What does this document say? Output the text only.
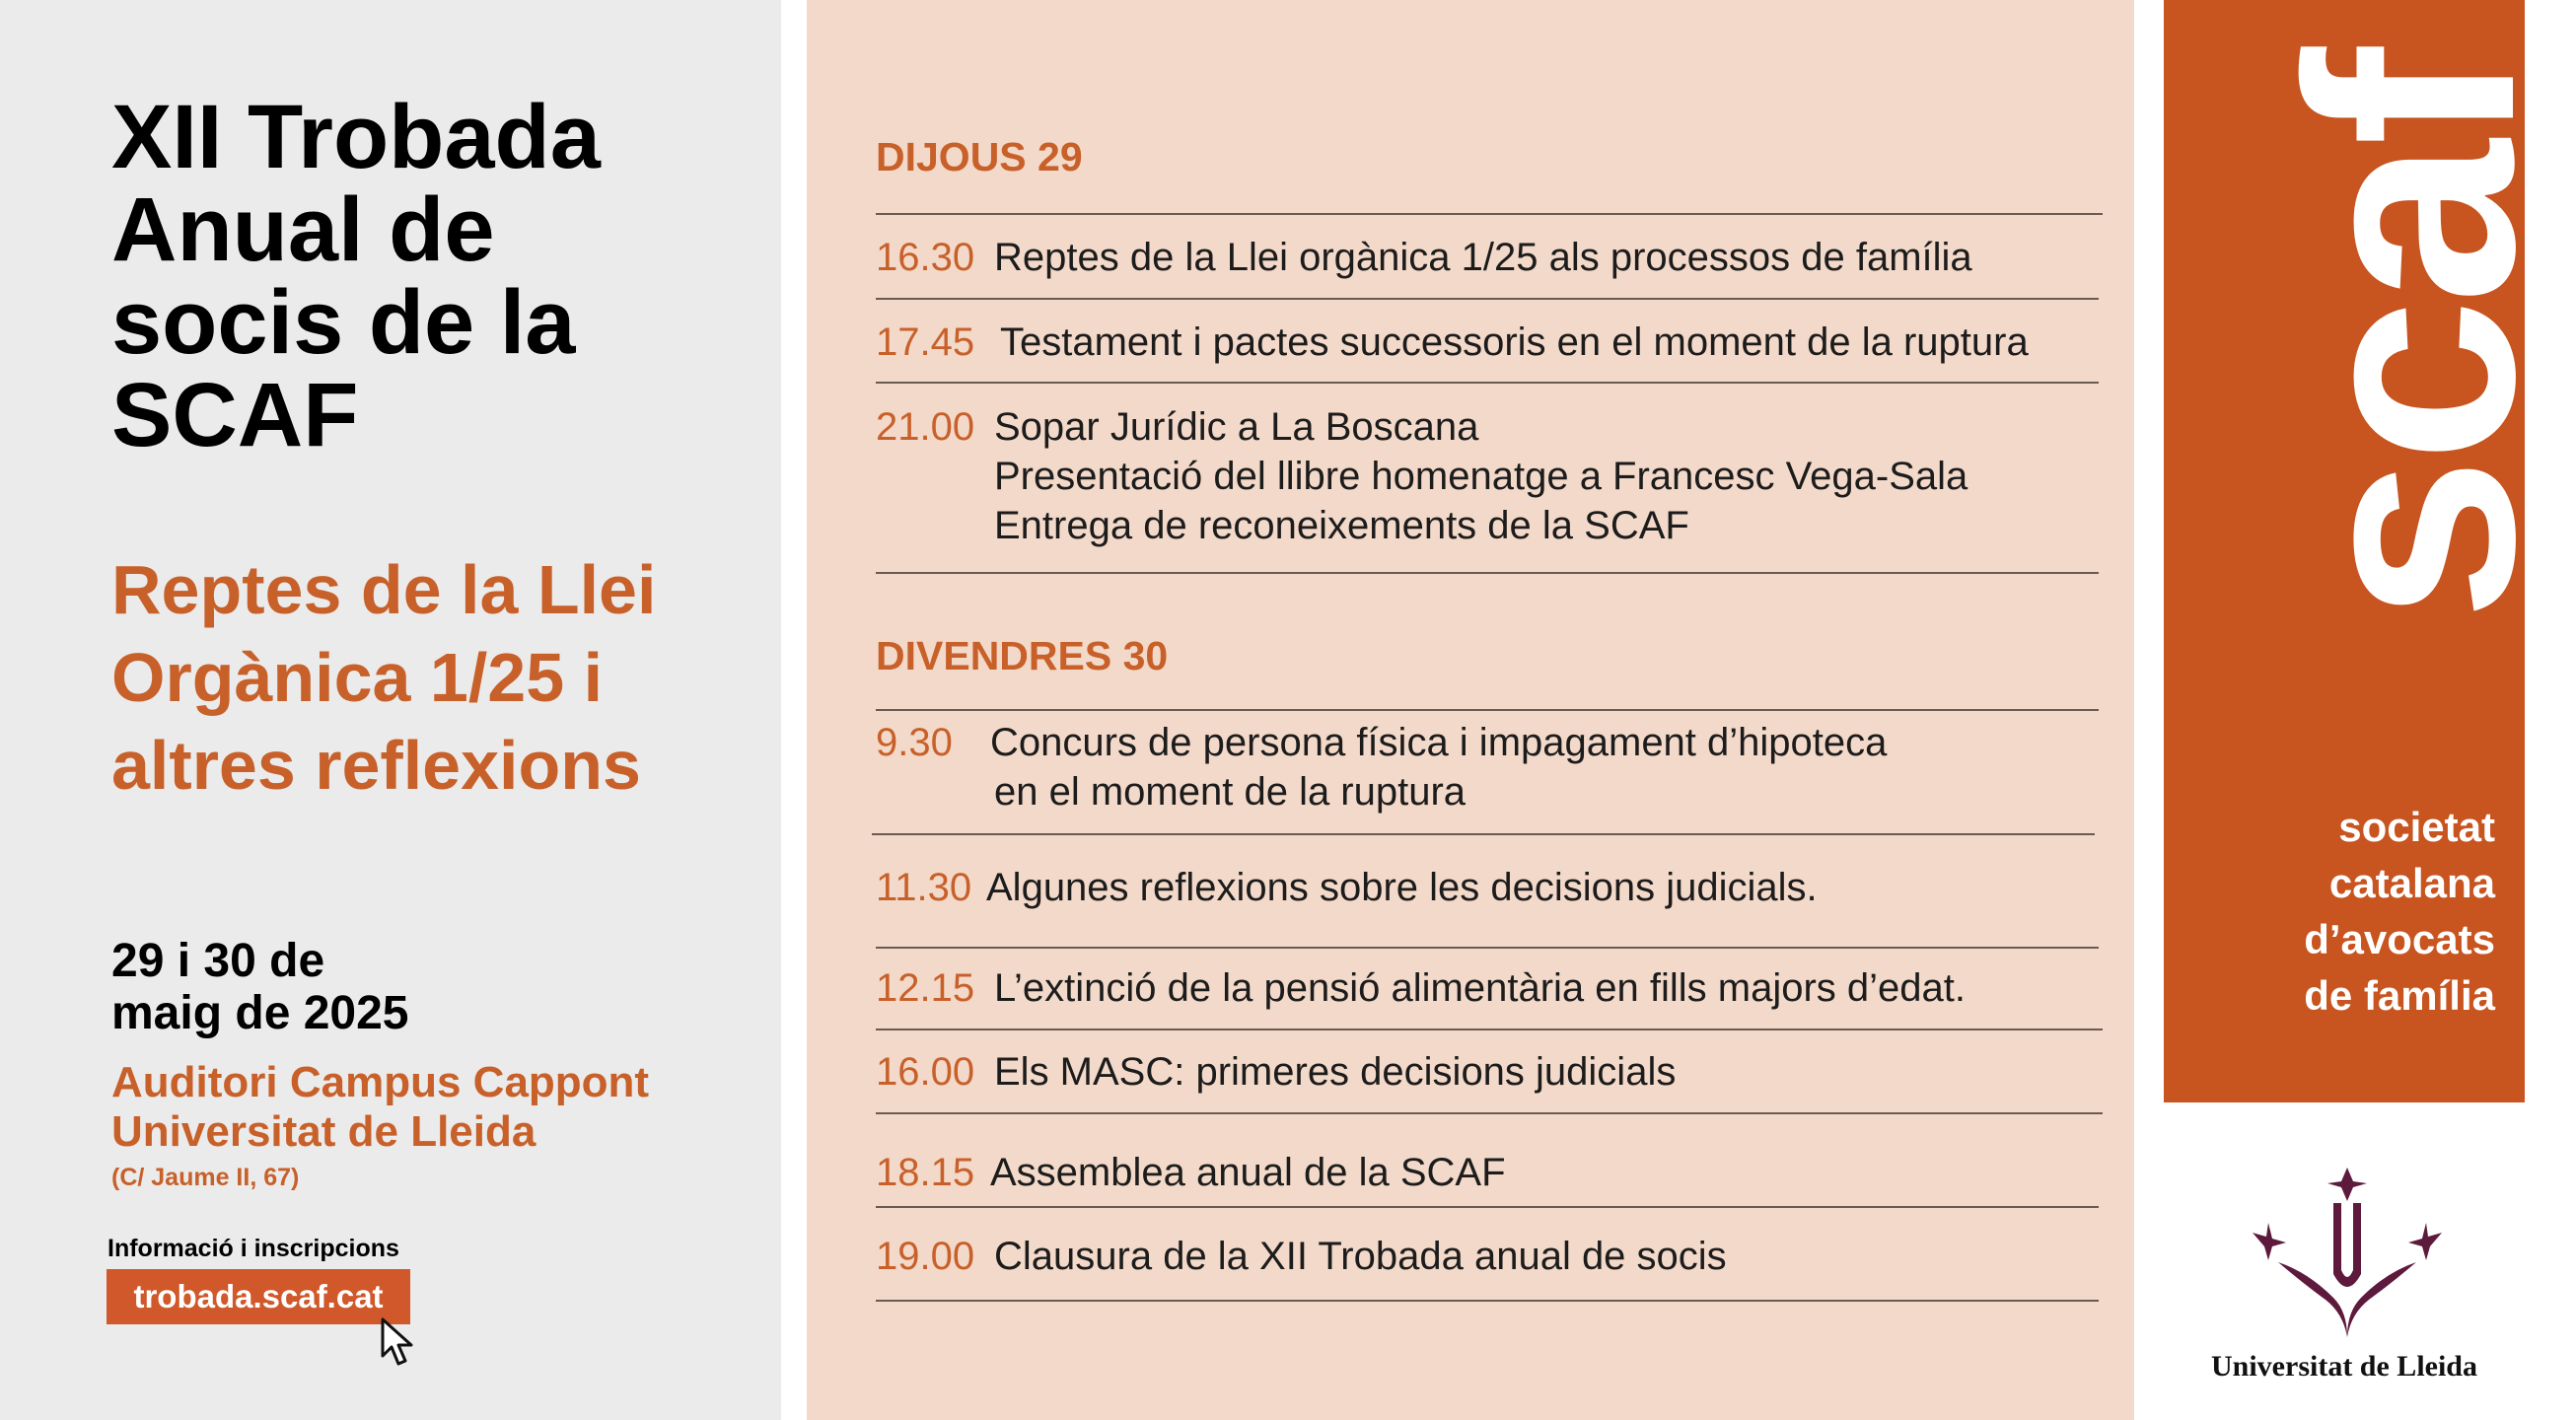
XII Trobada Anual de socis de la SCAF
Reptes de la Llei Orgànica 1/25 i altres reflexions
29 i 30 de
maig de 2025
Auditori Campus Cappont
Universitat de Lleida
(C/ Jaume II, 67)
Informació i inscripcions
trobada.scaf.cat
DIJOUS 29
16.30 Reptes de la Llei orgànica 1/25 als processos de família
17.45 Testament i pactes successoris en el moment de la ruptura
21.00 Sopar Jurídic a La Boscana
Presentació del llibre homenatge a Francesc Vega-Sala
Entrega de reconeixements de la SCAF
DIVENDRES 30
9.30 Concurs de persona física i impagament d’hipoteca
en el moment de la ruptura
11.30 Algunes reflexions sobre les decisions judicials.
12.15 L’extinció de la pensió alimentària en fills majors d’edat.
16.00 Els MASC: primeres decisions judicials
18.15 Assemblea anual de la SCAF
19.00 Clausura de la XII Trobada anual de socis
scaf
societat
catalana
d’avocats
de família
Universitat de Lleida
